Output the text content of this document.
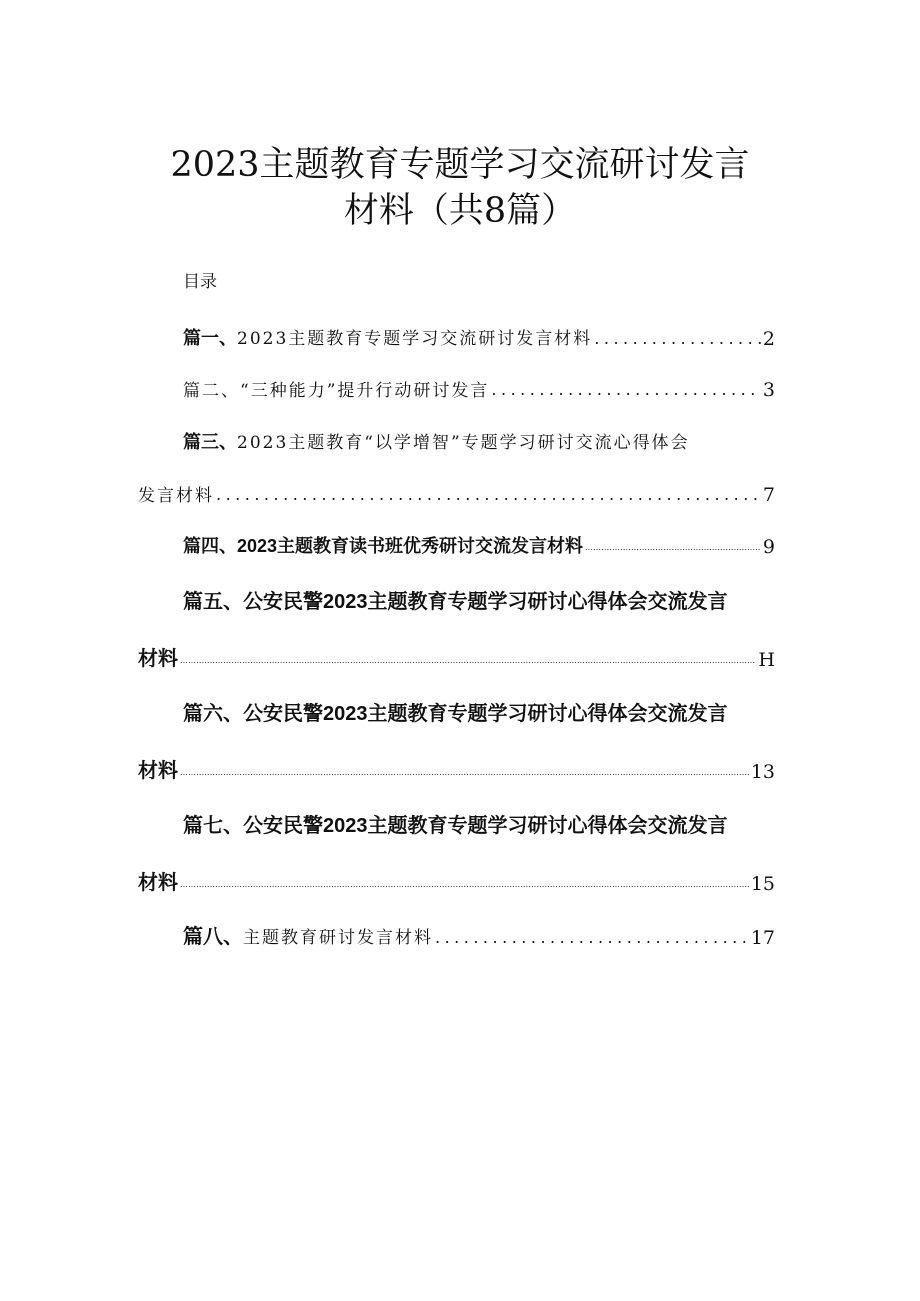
2023主题教育专题学习交流研讨发言
材料（共8篇）
目录
篇一、2023主题教育专题学习交流研讨发言材料 .....	2
篇二、“三种能力”提升行动研讨发言 .....	3
篇三、2023主题教育“以学增智”专题学习研讨交流心得体会
发言材料 .....	7
篇四、2023主题教育读书班优秀研讨交流发言材料 .....	9
篇五、公安民警2023主题教育专题学习研讨心得体会交流发言
材料 .....	H
篇六、公安民警2023主题教育专题学习研讨心得体会交流发言
材料 .....	13
篇七、公安民警2023主题教育专题学习研讨心得体会交流发言
材料 .....	15
篇八、主题教育研讨发言材料 .....	17
